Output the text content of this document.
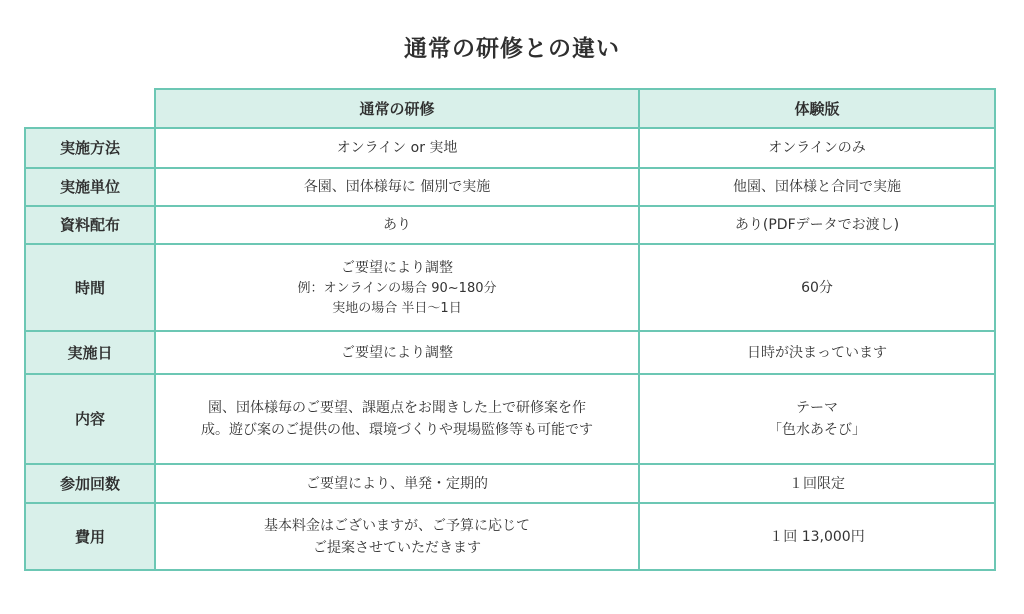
通常の研修との違い
	通常の研修	体験版
実施方法	オンライン or 実地	オンラインのみ

実施単位	各園、団体様毎に 個別で実施	他園、団体様と合同で実施

資料配布	あり	あり(PDFデータでお渡し)

時間	ご要望により調整
例：オンラインの場合 90~180分
実地の場合 半日～1日	60分

実施日	ご要望により調整	日時が決まっています

内容	園、団体様毎のご要望、課題点をお聞きした上で研修案を作
成。遊び案のご提供の他、環境づくりや現場監修等も可能です	テーマ
「色水あそび」

参加回数	ご要望により、単発・定期的	１回限定

費用	基本料金はございますが、ご予算に応じて
ご提案させていただきます	１回 13,000円
